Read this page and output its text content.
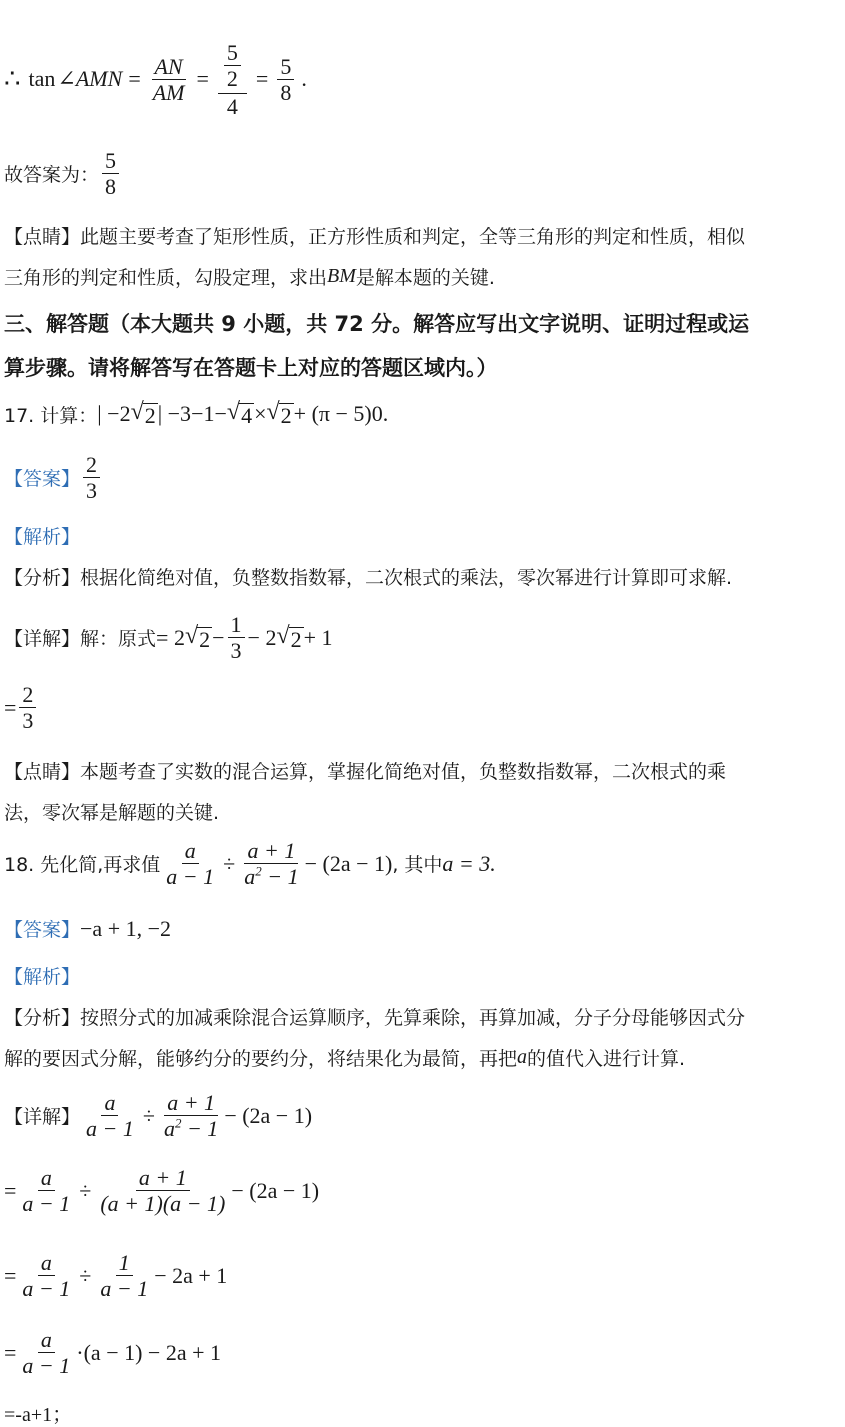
∴ tan ∠AMN = $\frac{AN}{AM} = \frac{\frac{5}{2}}{4} = \frac{5}{8}$ .
故答案为： $\frac{5}{8}$
【点睛】 此题主要考查了矩形性质，正方形性质和判定，全等三角形的判定和性质，相似
三角形的判定和性质，勾股定理，求出 BM 是解本题的关键.
三、解答题（本大题共 9 小题，共 72 分。解答应写出文字说明、证明过程或运
算步骤。请将解答写在答题卡上对应的答题区域内。）
17. 计算： | −2 √ 2 | −3 −1 − √ 4 × √ 2 + (π − 5) 0 .
【答案】 $\frac{2}{3}$
【解析】
【分析】 根据化简绝对值，负整数指数幂，二次根式的乘法，零次幂进行计算即可求解.
【详解】 解：原式 = 2 √ $2 - \frac{1}{3} - 2$ √ 2 + 1
= $\frac{2}{3}$
【点睛】 本题考查了实数的混合运算，掌握化简绝对值，负整数指数幂，二次根式的乘
法，零次幂是解题的关键.
18. 先化简,再求值 $\frac{a}{a - 1} \div \frac{a + 1}{a^2 - 1} - (2a - 1)$ , 其中 a = 3.
【答案】 −a + 1, −2
【解析】
【分析】 按照分式的加减乘除混合运算顺序，先算乘除，再算加减，分子分母能够因式分
解的要因式分解，能够约分的要约分，将结果化为最简，再把 a 的值代入进行计算.
【详解】 $\frac{a}{a - 1} \div \frac{a + 1}{a^2 - 1} - (2a - 1)$
= $\frac{a}{a - 1} \div \frac{a + 1}{(a + 1)(a - 1)} - (2a - 1)$
= $\frac{a}{a - 1} \div \frac{1}{a - 1} - 2a + 1$
= $\frac{a}{a - 1} \cdot(a - 1) - 2a + 1$
=-a+1；
